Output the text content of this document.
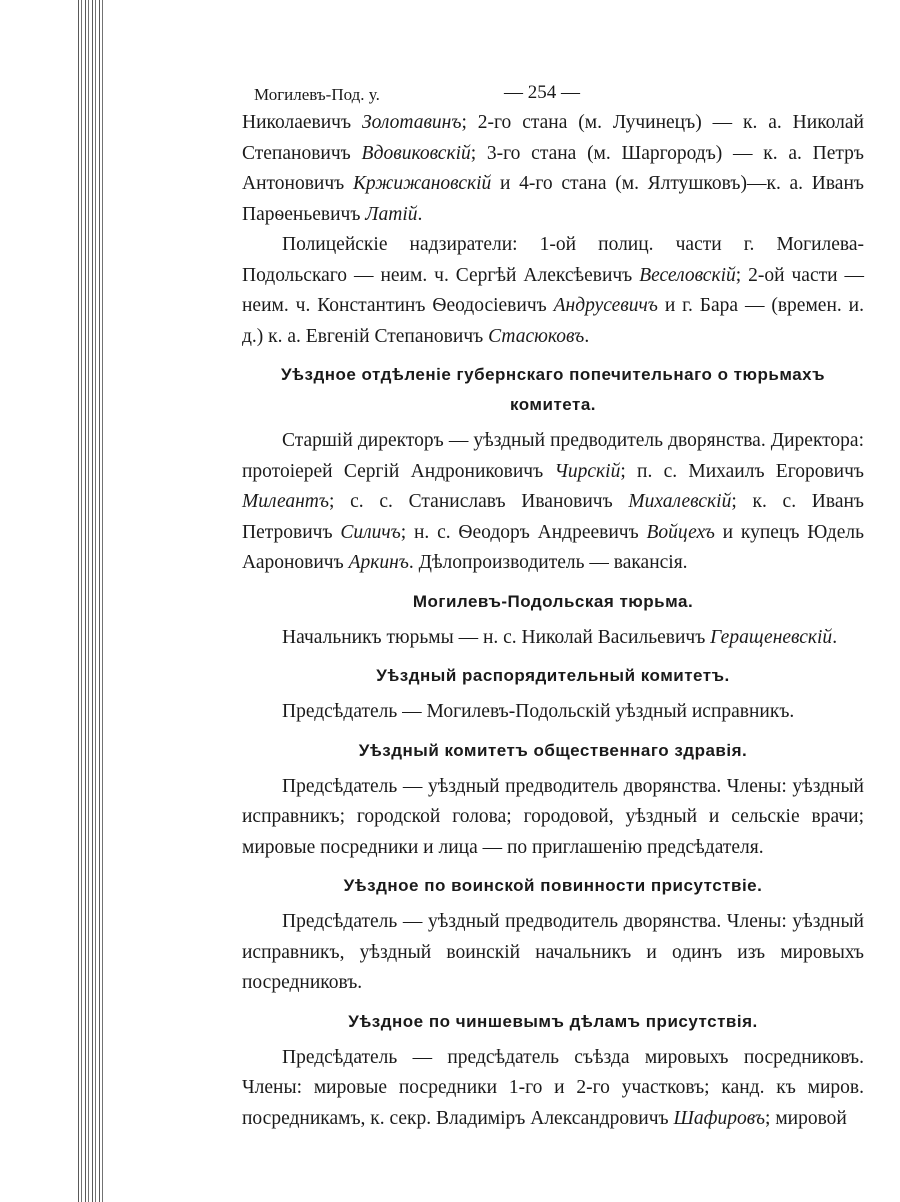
Могилевъ-Под. у.	— 254 —

Николаевичъ Золотавинъ; 2-го стана (м. Лучинецъ) — к. а. Николай Степановичъ Вдовиковскій; 3-го стана (м. Шаргородъ) — к. а. Петръ Антоновичъ Кржижановскій и 4-го стана (м. Ялтушковъ)—к. а. Иванъ Парѳеньевичъ Латій.

Полицейскіе надзиратели: 1-ой полиц. части г. Могилева-Подольскаго — неим. ч. Сергѣй Алексѣевичъ Веселовскій; 2-ой части — неим. ч. Константинъ Ѳеодосіевичъ Андрусевичъ и г. Бара — (времен. и. д.) к. а. Евгеній Степановичъ Стасюковъ.

Уѣздное отдѣленіе губернскаго попечительнаго о тюрьмахъ комитета.

Старшій директоръ — уѣздный предводитель дворянства. Директора: протоіерей Сергій Андрониковичъ Чирскій; п. с. Михаилъ Егоровичъ Милеантъ; с. с. Станиславъ Ивановичъ Михалевскій; к. с. Иванъ Петровичъ Силичъ; н. с. Ѳеодоръ Андреевичъ Войцехъ и купецъ Юдель Аароновичъ Аркинъ. Дѣлопроизводитель — вакансія.

Могилевъ-Подольская тюрьма.

Начальникъ тюрьмы — н. с. Николай Васильевичъ Геращеневскій.

Уѣздный распорядительный комитетъ.

Предсѣдатель — Могилевъ-Подольскій уѣздный исправникъ.

Уѣздный комитетъ общественнаго здравія.

Предсѣдатель — уѣздный предводитель дворянства. Члены: уѣздный исправникъ; городской голова; городовой, уѣздный и сельскіе врачи; мировые посредники и лица — по приглашенію предсѣдателя.

Уѣздное по воинской повинности присутствіе.

Предсѣдатель — уѣздный предводитель дворянства. Члены: уѣздный исправникъ, уѣздный воинскій начальникъ и одинъ изъ мировыхъ посредниковъ.

Уѣздное по чиншевымъ дѣламъ присутствія.

Предсѣдатель — предсѣдатель съѣзда мировыхъ посредниковъ. Члены: мировые посредники 1-го и 2-го участковъ; канд. къ миров. посредникамъ, к. секр. Владиміръ Александровичъ Шафировъ; мировой
